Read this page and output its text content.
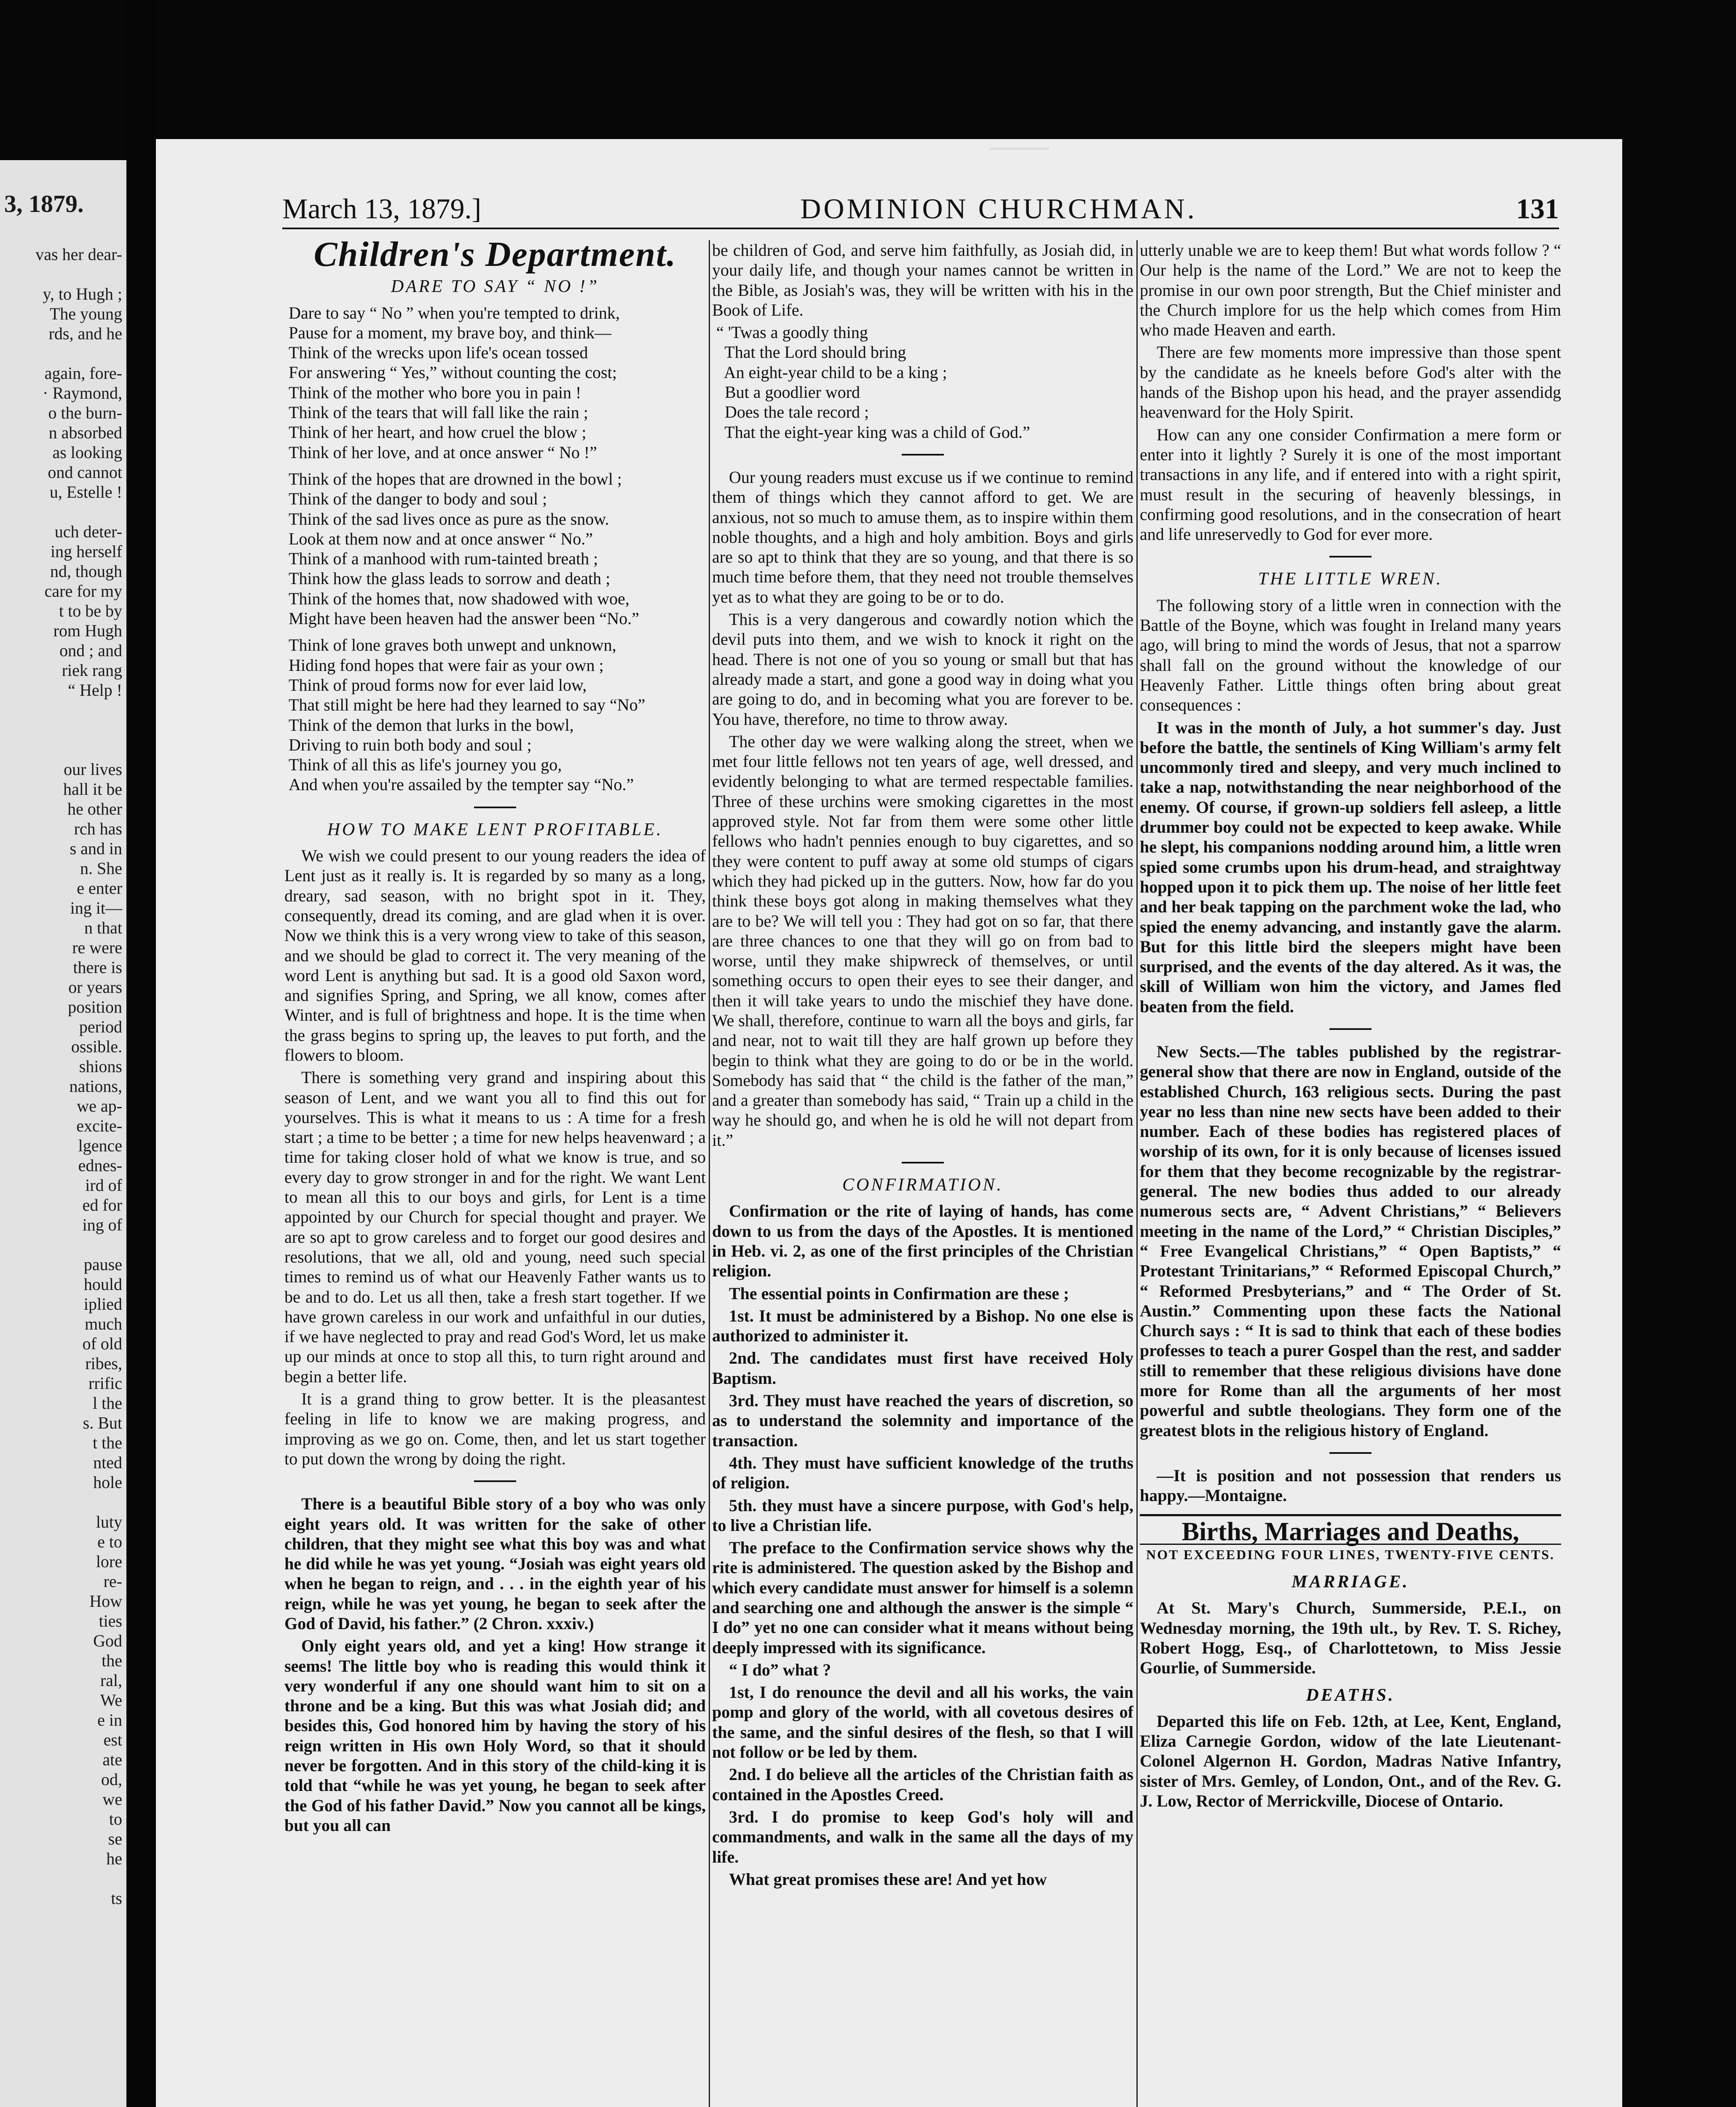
3, 1879.
vas her dear-

y, to Hugh ;
The young
rds, and he

again, fore-
· Raymond,
o the burn-
n absorbed
as looking
ond cannot
u, Estelle !

uch deter-
ing herself
nd, though
care for my
t to be by
rom Hugh
ond ; and
riek rang
“ Help !

our lives
hall it be
he other
rch has
s and in
n. She
e enter
ing it—
n that
re were
there is
or years
position
period
ossible.
shions
nations,
we ap-
excite-
lgence
ednes-
ird of
ed for
ing of

pause
hould
iplied
much
of old
ribes,
rrific
l the
s. But
t the
nted
hole

luty
e to
lore
re-
How
ties
God
the
ral,
We
e in
est
ate
od,
we
to
se
he

ts
March 13, 1879.]	DOMINION CHURCHMAN.	131
Children's Department.
DARE TO SAY “ NO !”
Dare to say “ No ” when you're tempted to drink,
Pause for a moment, my brave boy, and think—
Think of the wrecks upon life's ocean tossed
For answering “ Yes,” without counting the cost;
Think of the mother who bore you in pain !
Think of the tears that will fall like the rain ;
Think of her heart, and how cruel the blow ;
Think of her love, and at once answer “ No !”
Think of the hopes that are drowned in the bowl ;
Think of the danger to body and soul ;
Think of the sad lives once as pure as the snow.
Look at them now and at once answer “ No.”
Think of a manhood with rum-tainted breath ;
Think how the glass leads to sorrow and death ;
Think of the homes that, now shadowed with woe,
Might have been heaven had the answer been “No.”
Think of lone graves both unwept and unknown,
Hiding fond hopes that were fair as your own ;
Think of proud forms now for ever laid low,
That still might be here had they learned to say “No”
Think of the demon that lurks in the bowl,
Driving to ruin both body and soul ;
Think of all this as life's journey you go,
And when you're assailed by the tempter say “No.”
HOW TO MAKE LENT PROFITABLE.

We wish we could present to our young readers the idea of Lent just as it really is. It is regarded by so many as a long, dreary, sad season, with no bright spot in it. They, consequently, dread its coming, and are glad when it is over. Now we think this is a very wrong view to take of this season, and we should be glad to correct it. The very meaning of the word Lent is anything but sad. It is a good old Saxon word, and signifies Spring, and Spring, we all know, comes after Winter, and is full of brightness and hope. It is the time when the grass begins to spring up, the leaves to put forth, and the flowers to bloom.

There is something very grand and inspiring about this season of Lent, and we want you all to find this out for yourselves. This is what it means to us : A time for a fresh start ; a time to be better ; a time for new helps heavenward ; a time for taking closer hold of what we know is true, and so every day to grow stronger in and for the right. We want Lent to mean all this to our boys and girls, for Lent is a time appointed by our Church for special thought and prayer. We are so apt to grow careless and to forget our good desires and resolutions, that we all, old and young, need such special times to remind us of what our Heavenly Father wants us to be and to do. Let us all then, take a fresh start together. If we have grown careless in our work and unfaithful in our duties, if we have neglected to pray and read God's Word, let us make up our minds at once to stop all this, to turn right around and begin a better life.

It is a grand thing to grow better. It is the pleasantest feeling in life to know we are making progress, and improving as we go on. Come, then, and let us start together to put down the wrong by doing the right.

There is a beautiful Bible story of a boy who was only eight years old. It was written for the sake of other children, that they might see what this boy was and what he did while he was yet young. “Josiah was eight years old when he began to reign, and . . . in the eighth year of his reign, while he was yet young, he began to seek after the God of David, his father.” (2 Chron. xxxiv.)

Only eight years old, and yet a king! How strange it seems! The little boy who is reading this would think it very wonderful if any one should want him to sit on a throne and be a king. But this was what Josiah did; and besides this, God honored him by having the story of his reign written in His own Holy Word, so that it should never be forgotten. And in this story of the child-king it is told that “while he was yet young, he began to seek after the God of his father David.” Now you cannot all be kings, but you all can

be children of God, and serve him faithfully, as Josiah did, in your daily life, and though your names cannot be written in the Bible, as Josiah's was, they will be written with his in the Book of Life.

“ 'Twas a goodly thing
That the Lord should bring
An eight-year child to be a king ;
But a goodlier word
Does the tale record ;
That the eight-year king was a child of God.”

Our young readers must excuse us if we continue to remind them of things which they cannot afford to get. We are anxious, not so much to amuse them, as to inspire within them noble thoughts, and a high and holy ambition. Boys and girls are so apt to think that they are so young, and that there is so much time before them, that they need not trouble themselves yet as to what they are going to be or to do.

This is a very dangerous and cowardly notion which the devil puts into them, and we wish to knock it right on the head. There is not one of you so young or small but that has already made a start, and gone a good way in doing what you are going to do, and in becoming what you are forever to be. You have, therefore, no time to throw away.

The other day we were walking along the street, when we met four little fellows not ten years of age, well dressed, and evidently belonging to what are termed respectable families. Three of these urchins were smoking cigarettes in the most approved style. Not far from them were some other little fellows who hadn't pennies enough to buy cigarettes, and so they were content to puff away at some old stumps of cigars which they had picked up in the gutters. Now, how far do you think these boys got along in making themselves what they are to be? We will tell you : They had got on so far, that there are three chances to one that they will go on from bad to worse, until they make shipwreck of themselves, or until something occurs to open their eyes to see their danger, and then it will take years to undo the mischief they have done. We shall, therefore, continue to warn all the boys and girls, far and near, not to wait till they are half grown up before they begin to think what they are going to do or be in the world. Somebody has said that “ the child is the father of the man,” and a greater than somebody has said, “ Train up a child in the way he should go, and when he is old he will not depart from it.”

CONFIRMATION.

Confirmation or the rite of laying of hands, has come down to us from the days of the Apostles. It is mentioned in Heb. vi. 2, as one of the first principles of the Christian religion.

The essential points in Confirmation are these ;

1st. It must be administered by a Bishop. No one else is authorized to administer it.

2nd. The candidates must first have received Holy Baptism.

3rd. They must have reached the years of discretion, so as to understand the solemnity and importance of the transaction.

4th. They must have sufficient knowledge of the truths of religion.

5th. they must have a sincere purpose, with God's help, to live a Christian life.

The preface to the Confirmation service shows why the rite is administered. The question asked by the Bishop and which every candidate must answer for himself is a solemn and searching one and although the answer is the simple “ I do” yet no one can consider what it means without being deeply impressed with its significance.

“ I do” what ?

1st, I do renounce the devil and all his works, the vain pomp and glory of the world, with all covetous desires of the same, and the sinful desires of the flesh, so that I will not follow or be led by them.

2nd. I do believe all the articles of the Christian faith as contained in the Apostles Creed.

3rd. I do promise to keep God's holy will and commandments, and walk in the same all the days of my life.

What great promises these are! And yet how

utterly unable we are to keep them! But what words follow ? “ Our help is the name of the Lord.” We are not to keep the promise in our own poor strength, But the Chief minister and the Church implore for us the help which comes from Him who made Heaven and earth.

There are few moments more impressive than those spent by the candidate as he kneels before God's alter with the hands of the Bishop upon his head, and the prayer assendidg heavenward for the Holy Spirit.

How can any one consider Confirmation a mere form or enter into it lightly ? Surely it is one of the most important transactions in any life, and if entered into with a right spirit, must result in the securing of heavenly blessings, in confirming good resolutions, and in the consecration of heart and life unreservedly to God for ever more.

THE LITTLE WREN.

The following story of a little wren in connection with the Battle of the Boyne, which was fought in Ireland many years ago, will bring to mind the words of Jesus, that not a sparrow shall fall on the ground without the knowledge of our Heavenly Father. Little things often bring about great consequences :

It was in the month of July, a hot summer's day. Just before the battle, the sentinels of King William's army felt uncommonly tired and sleepy, and very much inclined to take a nap, notwithstanding the near neighborhood of the enemy. Of course, if grown-up soldiers fell asleep, a little drummer boy could not be expected to keep awake. While he slept, his companions nodding around him, a little wren spied some crumbs upon his drum-head, and straightway hopped upon it to pick them up. The noise of her little feet and her beak tapping on the parchment woke the lad, who spied the enemy advancing, and instantly gave the alarm. But for this little bird the sleepers might have been surprised, and the events of the day altered. As it was, the skill of William won him the victory, and James fled beaten from the field.

New Sects.—The tables published by the registrar-general show that there are now in England, outside of the established Church, 163 religious sects. During the past year no less than nine new sects have been added to their number. Each of these bodies has registered places of worship of its own, for it is only because of licenses issued for them that they become recognizable by the registrar-general. The new bodies thus added to our already numerous sects are, “ Advent Christians,” “ Believers meeting in the name of the Lord,” “ Christian Disciples,” “ Free Evangelical Christians,” “ Open Baptists,” “ Protestant Trinitarians,” “ Reformed Episcopal Church,” “ Reformed Presbyterians,” and “ The Order of St. Austin.” Commenting upon these facts the National Church says : “ It is sad to think that each of these bodies professes to teach a purer Gospel than the rest, and sadder still to remember that these religious divisions have done more for Rome than all the arguments of her most powerful and subtle theologians. They form one of the greatest blots in the religious history of England.

—It is position and not possession that renders us happy.—Montaigne.

Births, Marriages and Deaths,
NOT EXCEEDING FOUR LINES, TWENTY-FIVE CENTS.
MARRIAGE.

At St. Mary's Church, Summerside, P.E.I., on Wednesday morning, the 19th ult., by Rev. T. S. Richey, Robert Hogg, Esq., of Charlottetown, to Miss Jessie Gourlie, of Summerside.

DEATHS.

Departed this life on Feb. 12th, at Lee, Kent, England, Eliza Carnegie Gordon, widow of the late Lieutenant-Colonel Algernon H. Gordon, Madras Native Infantry, sister of Mrs. Gemley, of London, Ont., and of the Rev. G. J. Low, Rector of Merrickville, Diocese of Ontario.
